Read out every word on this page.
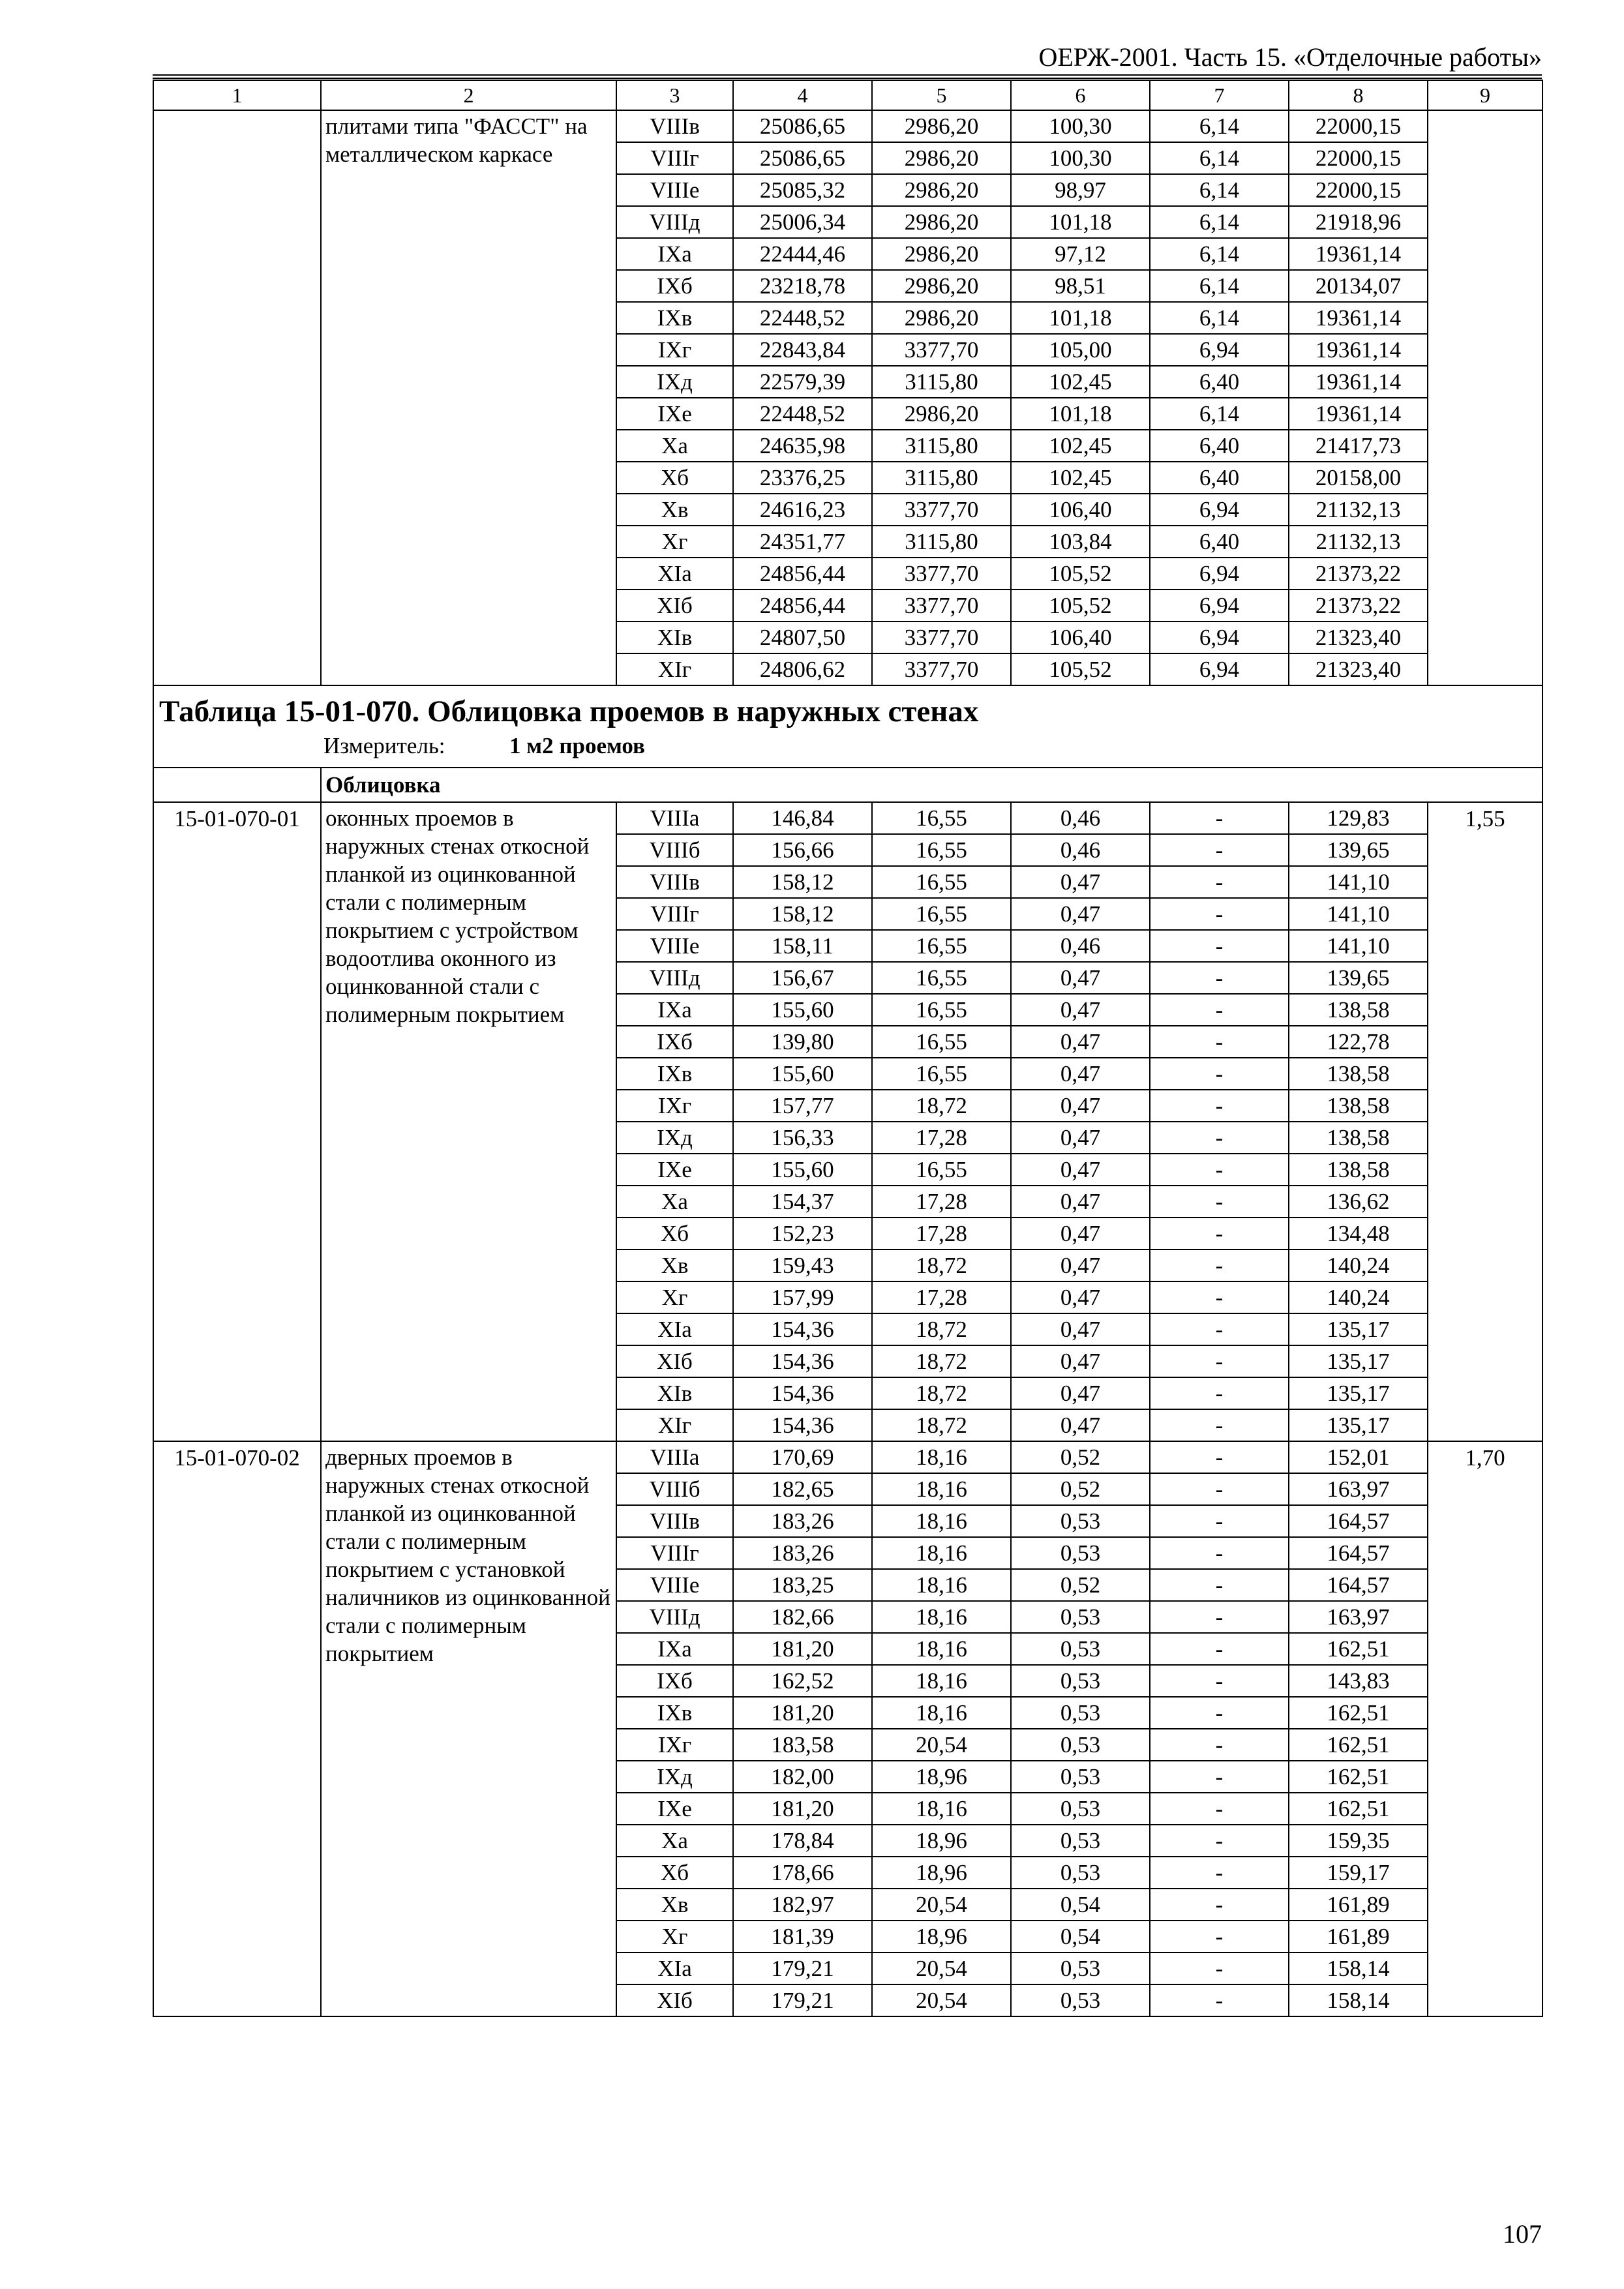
ОЕРЖ-2001. Часть 15. «Отделочные работы»
1	2	3	4	5	6	7	8	9
	плитами типа "ФАССТ" на металлическом каркасе	VIIIв	25086,65	2986,20	100,30	6,14	22000,15	
		VIIIг	25086,65	2986,20	100,30	6,14	22000,15	
		VIIIе	25085,32	2986,20	98,97	6,14	22000,15	
		VIIIд	25006,34	2986,20	101,18	6,14	21918,96	
		IXа	22444,46	2986,20	97,12	6,14	19361,14	
		IXб	23218,78	2986,20	98,51	6,14	20134,07	
		IXв	22448,52	2986,20	101,18	6,14	19361,14	
		IXг	22843,84	3377,70	105,00	6,94	19361,14	
		IXд	22579,39	3115,80	102,45	6,40	19361,14	
		IXе	22448,52	2986,20	101,18	6,14	19361,14	
		Xа	24635,98	3115,80	102,45	6,40	21417,73	
		Xб	23376,25	3115,80	102,45	6,40	20158,00	
		Xв	24616,23	3377,70	106,40	6,94	21132,13	
		Xг	24351,77	3115,80	103,84	6,40	21132,13	
		XIа	24856,44	3377,70	105,52	6,94	21373,22	
		XIб	24856,44	3377,70	105,52	6,94	21373,22	
		XIв	24807,50	3377,70	106,40	6,94	21323,40	
		XIг	24806,62	3377,70	105,52	6,94	21323,40	

Таблица 15-01-070. Облицовка проемов в наружных стенах
Измеритель: 1 м2 проемов								

	Облицовка							
15-01-070-01	оконных проемов в наружных стенах откосной планкой из оцинкованной стали с полимерным покрытием с устройством водоотлива оконного из оцинкованной стали с полимерным покрытием	VIIIа	146,84	16,55	0,46	-	129,83	1,55
		VIIIб	156,66	16,55	0,46	-	139,65	
		VIIIв	158,12	16,55	0,47	-	141,10	
		VIIIг	158,12	16,55	0,47	-	141,10	
		VIIIе	158,11	16,55	0,46	-	141,10	
		VIIIд	156,67	16,55	0,47	-	139,65	
		IXа	155,60	16,55	0,47	-	138,58	
		IXб	139,80	16,55	0,47	-	122,78	
		IXв	155,60	16,55	0,47	-	138,58	
		IXг	157,77	18,72	0,47	-	138,58	
		IXд	156,33	17,28	0,47	-	138,58	
		IXе	155,60	16,55	0,47	-	138,58	
		Xа	154,37	17,28	0,47	-	136,62	
		Xб	152,23	17,28	0,47	-	134,48	
		Xв	159,43	18,72	0,47	-	140,24	
		Xг	157,99	17,28	0,47	-	140,24	
		XIа	154,36	18,72	0,47	-	135,17	
		XIб	154,36	18,72	0,47	-	135,17	
		XIв	154,36	18,72	0,47	-	135,17	
		XIг	154,36	18,72	0,47	-	135,17	
15-01-070-02	дверных проемов в наружных стенах откосной планкой из оцинкованной стали с полимерным покрытием с установкой наличников из оцинкованной стали с полимерным покрытием	VIIIа	170,69	18,16	0,52	-	152,01	1,70
		VIIIб	182,65	18,16	0,52	-	163,97	
		VIIIв	183,26	18,16	0,53	-	164,57	
		VIIIг	183,26	18,16	0,53	-	164,57	
		VIIIе	183,25	18,16	0,52	-	164,57	
		VIIIд	182,66	18,16	0,53	-	163,97	
		IXа	181,20	18,16	0,53	-	162,51	
		IXб	162,52	18,16	0,53	-	143,83	
		IXв	181,20	18,16	0,53	-	162,51	
		IXг	183,58	20,54	0,53	-	162,51	
		IXд	182,00	18,96	0,53	-	162,51	
		IXе	181,20	18,16	0,53	-	162,51	
		Xа	178,84	18,96	0,53	-	159,35	
		Xб	178,66	18,96	0,53	-	159,17	
		Xв	182,97	20,54	0,54	-	161,89	
		Xг	181,39	18,96	0,54	-	161,89	
		XIа	179,21	20,54	0,53	-	158,14	
		XIб	179,21	20,54	0,53	-	158,14	
107
